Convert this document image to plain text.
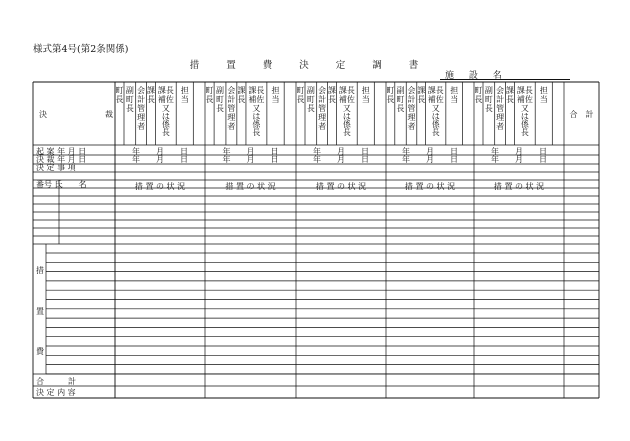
様式第4号(第2条関係)
措 置 費 決 定 調 書
施 設 名
決	裁
町
長
副
町
長
会
計
管
理
者
課
長
課
補
長
佐
又
は
係
長
担
当
措 置 の 状 況
年　　月　　日
年　　月　　日
町
長
副
町
長
会
計
管
理
者
課
長
課
補
長
佐
又
は
係
長
担
当
措 置 の 状 況
年　　月　　日
年　　月　　日
町
長
副
町
長
会
計
管
理
者
課
長
課
補
長
佐
又
は
係
長
担
当
措 置 の 状 況
年　　月　　日
年　　月　　日
町
長
副
町
長
会
計
管
理
者
課
長
課
補
長
佐
又
は
係
長
担
当
措 置 の 状 況
年　　月　　日
年　　月　　日
町
長
副
町
長
会
計
管
理
者
課
長
課
補
長
佐
又
は
係
長
担
当
措 置 の 状 況
年　　月　　日
年　　月　　日
合　計
起 案 年 月 日
決 裁 年 月 日
決 定 事 項
番号 氏　　名
措
置
費
合　　　計
決 定 内 容
